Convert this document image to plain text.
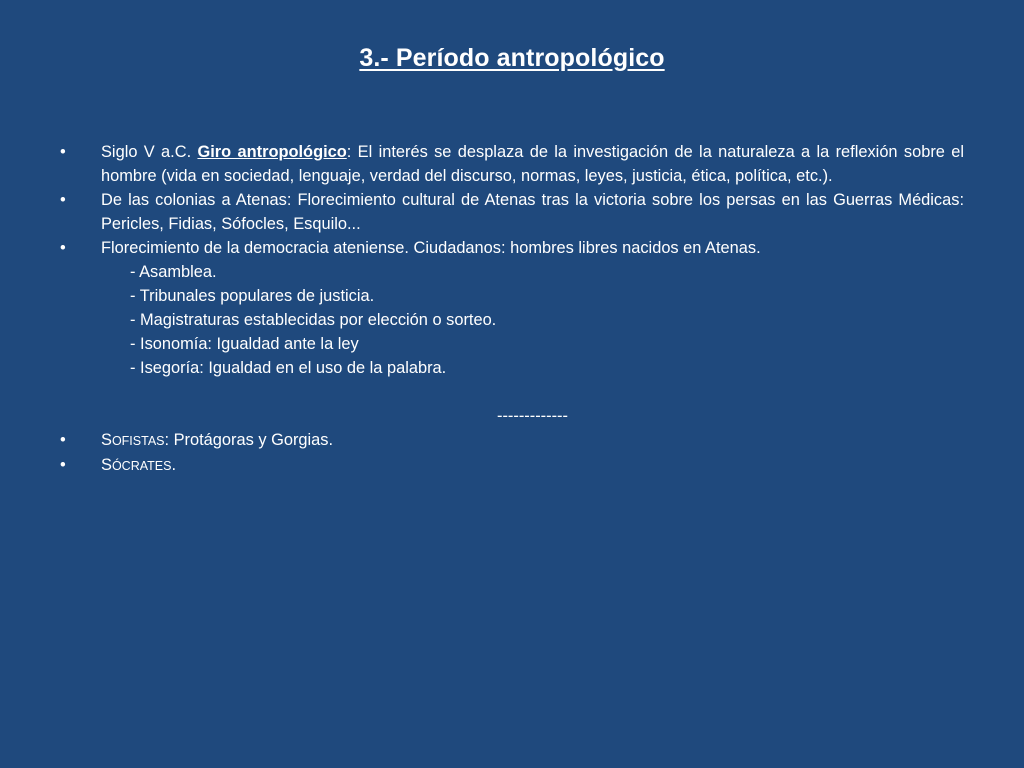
3.- Período antropológico
• Siglo V a.C. Giro antropológico: El interés se desplaza de la investigación de la naturaleza a la reflexión sobre el hombre (vida en sociedad, lenguaje, verdad del discurso, normas, leyes, justicia, ética, política, etc.).
• De las colonias a Atenas: Florecimiento cultural de Atenas tras la victoria sobre los persas en las Guerras Médicas: Pericles, Fidias, Sófocles, Esquilo...
• Florecimiento de la democracia ateniense. Ciudadanos: hombres libres nacidos en Atenas.
- Asamblea.
- Tribunales populares de justicia.
- Magistraturas establecidas por elección o sorteo.
- Isonomía: Igualdad ante la ley
- Isegoría: Igualdad en el uso de la palabra.
-------------
• SOFISTAS: Protágoras y Gorgias.
• SÓCRATES.
